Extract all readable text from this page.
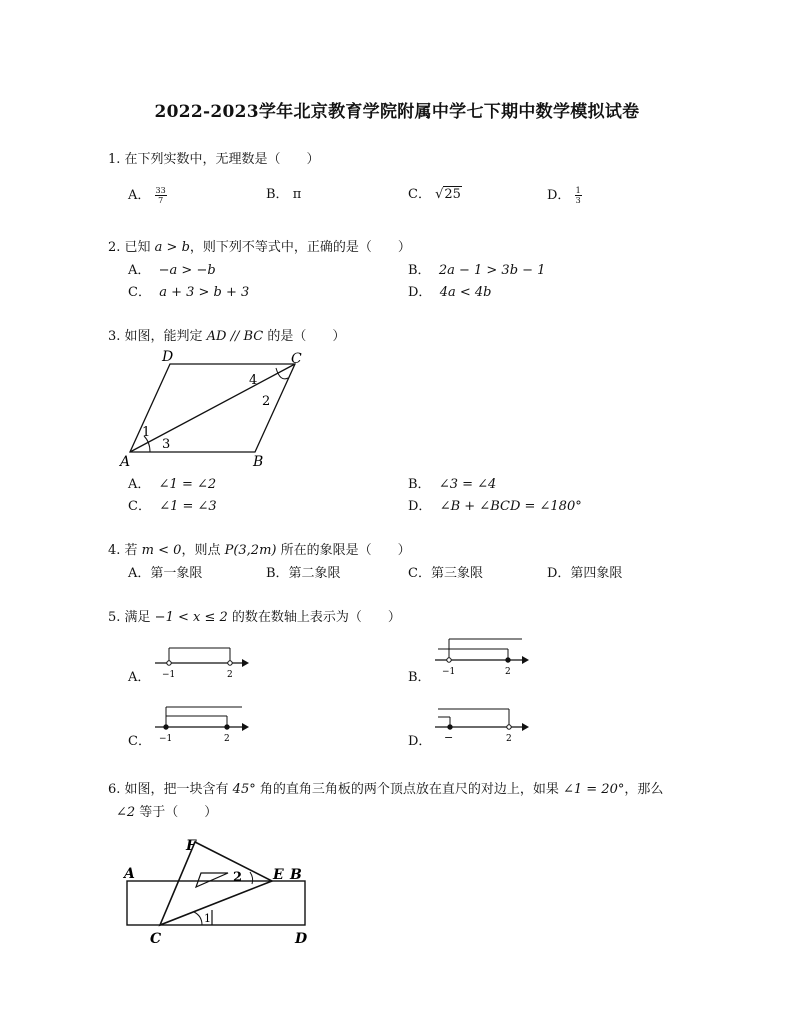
2022-2023学年北京教育学院附属中学七下期中数学模拟试卷
1. 在下列实数中，无理数是（　　）
A． $\frac{33}{7}$	B． π	C． √25	D． $\frac{1}{3}$
2. 已知 a > b，则下列不等式中，正确的是（　　）
A． −a > −b	B． 2a − 1 > 3b − 1
C． a + 3 > b + 3	D． 4a < 4b
3. 如图，能判定 AD // BC 的是（　　）
D	C
A	B
4
2
1
3
A． ∠1 = ∠2	B． ∠3 = ∠4
C． ∠1 = ∠3	D． ∠B + ∠BCD = ∠180°
4. 若 m < 0，则点 P(3,2m) 所在的象限是（　　）
A．第一象限	B．第二象限	C．第三象限	D．第四象限
5. 满足 −1 < x ≤ 2 的数在数轴上表示为（　　）
A． −1	2	B． −1	2
C． −1	2	D． −	2
6. 如图，把一块含有 45° 角的直角三角板的两个顶点放在直尺的对边上，如果 ∠1 = 20°，那么
∠2 等于（　　）
F
A	E B
C	D
2
1
